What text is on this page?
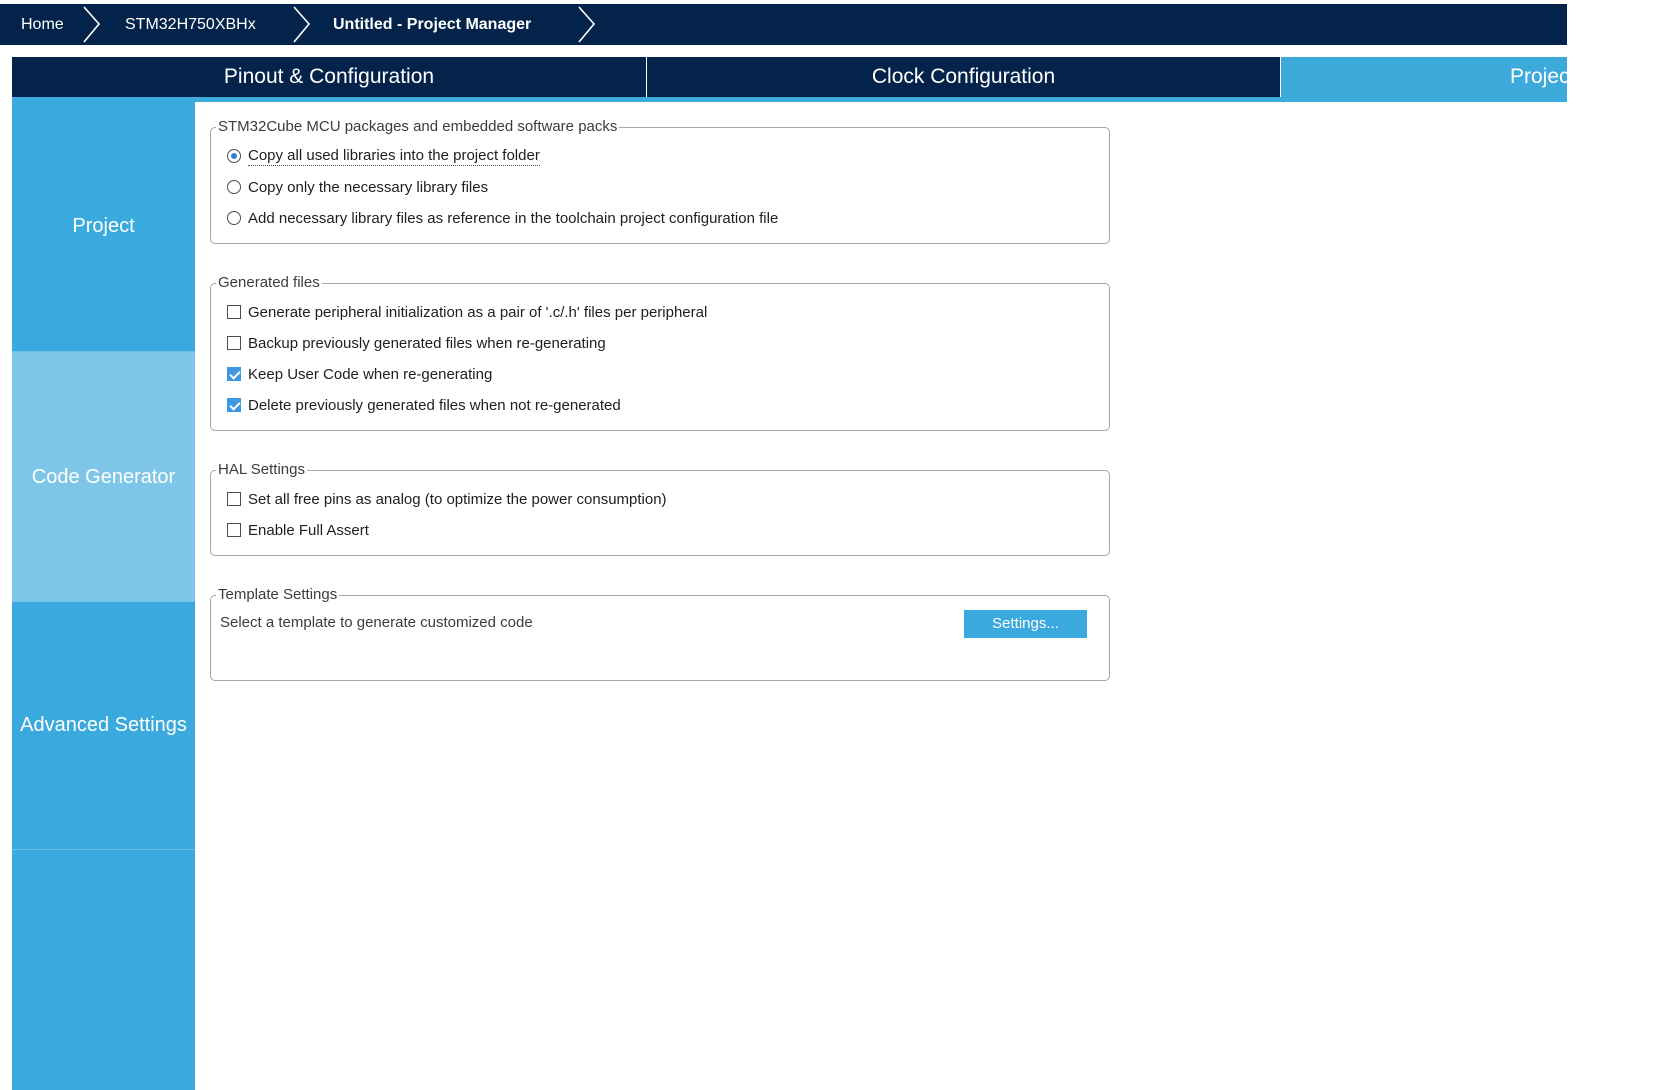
Home	STM32H750XBHx	Untitled - Project Manager
Pinout & Configuration	Clock Configuration	Project Manager
Project
Code Generator
Advanced Settings
STM32Cube MCU packages and embedded software packs
Copy all used libraries into the project folder
Copy only the necessary library files
Add necessary library files as reference in the toolchain project configuration file
Generated files
Generate peripheral initialization as a pair of '.c/.h' files per peripheral
Backup previously generated files when re-generating
Keep User Code when re-generating
Delete previously generated files when not re-generated
HAL Settings
Set all free pins as analog (to optimize the power consumption)
Enable Full Assert
Template Settings
Select a template to generate customized code	Settings...
